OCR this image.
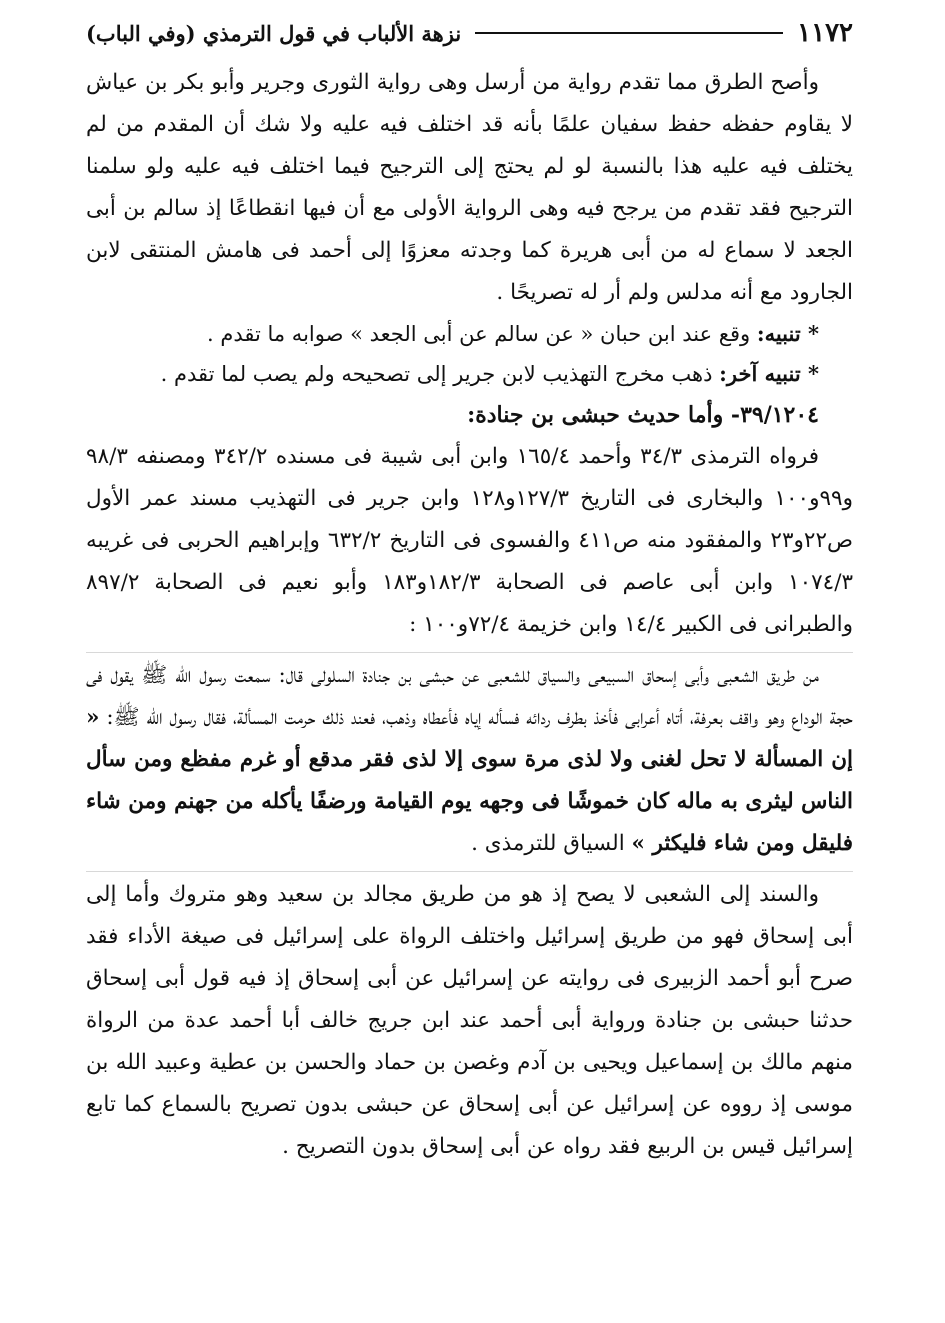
١١٧٢
نزهة الألباب في قول الترمذي (وفي الباب)

وأصح الطرق مما تقدم رواية من أرسل وهى رواية الثورى وجرير وأبو بكر بن عياش لا يقاوم حفظه حفظ سفيان علمًا بأنه قد اختلف فيه عليه ولا شك أن المقدم من لم يختلف فيه عليه هذا بالنسبة لو لم يحتج إلى الترجيح فيما اختلف فيه عليه ولو سلمنا الترجيح فقد تقدم من يرجح فيه وهى الرواية الأولى مع أن فيها انقطاعًا إذ سالم بن أبى الجعد لا سماع له من أبى هريرة كما وجدته معزوًا إلى أحمد فى هامش المنتقى لابن الجارود مع أنه مدلس ولم أر له تصريحًا .

* تنبيه: وقع عند ابن حبان « عن سالم عن أبى الجعد » صوابه ما تقدم .

* تنبيه آخر: ذهب مخرج التهذيب لابن جرير إلى تصحيحه ولم يصب لما تقدم .

٣٩/١٢٠٤- وأما حديث حبشى بن جنادة:

فرواه الترمذى ٣٤/٣ وأحمد ١٦٥/٤ وابن أبى شيبة فى مسنده ٣٤٢/٢ ومصنفه ٩٨/٣ و٩٩و١٠٠ والبخارى فى التاريخ ١٢٧/٣و١٢٨ وابن جرير فى التهذيب مسند عمر الأول ص٢٢و٢٣ والمفقود منه ص٤١١ والفسوى فى التاريخ ٦٣٢/٢ وإبراهيم الحربى فى غريبه ١٠٧٤/٣ وابن أبى عاصم فى الصحابة ١٨٢/٣و١٨٣ وأبو نعيم فى الصحابة ٨٩٧/٢ والطبرانى فى الكبير ١٤/٤ وابن خزيمة ٧٢/٤و١٠٠ :

من طريق الشعبى وأبى إسحاق السبيعى والسياق للشعبى عن حبشى بن جنادة السلولى قال: سمعت رسول الله ﷺ يقول فى حجة الوداع وهو واقف بعرفة، أتاه أعرابى فأخذ بطرف ردائه فسأله إياه فأعطاه وذهب، فعند ذلك حرمت المسألة، فقال رسول الله ﷺ: « إن المسألة لا تحل لغنى ولا لذى مرة سوى إلا لذى فقر مدقع أو غرم مفظع ومن سأل الناس ليثرى به ماله كان خموشًا فى وجهه يوم القيامة ورضفًا يأكله من جهنم ومن شاء فليقل ومن شاء فليكثر » السياق للترمذى .

والسند إلى الشعبى لا يصح إذ هو من طريق مجالد بن سعيد وهو متروك وأما إلى أبى إسحاق فهو من طريق إسرائيل واختلف الرواة على إسرائيل فى صيغة الأداء فقد صرح أبو أحمد الزبيرى فى روايته عن إسرائيل عن أبى إسحاق إذ فيه قول أبى إسحاق حدثنا حبشى بن جنادة ورواية أبى أحمد عند ابن جريج خالف أبا أحمد عدة من الرواة منهم مالك بن إسماعيل ويحيى بن آدم وغصن بن حماد والحسن بن عطية وعبيد الله بن موسى إذ رووه عن إسرائيل عن أبى إسحاق عن حبشى بدون تصريح بالسماع كما تابع إسرائيل قيس بن الربيع فقد رواه عن أبى إسحاق بدون التصريح .
